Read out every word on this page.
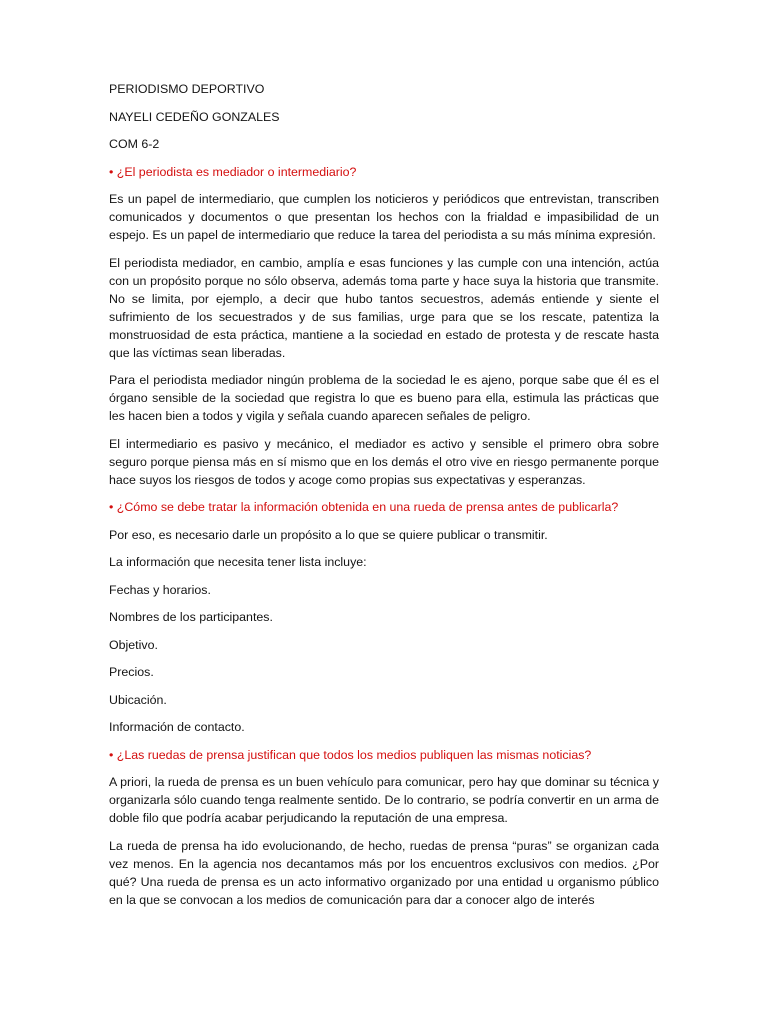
PERIODISMO DEPORTIVO
NAYELI CEDEÑO GONZALES
COM 6-2
• ¿El periodista es mediador o intermediario?

Es un papel de intermediario, que cumplen los noticieros y periódicos que entrevistan, transcriben comunicados y documentos o que presentan los hechos con la frialdad e impasibilidad de un espejo. Es un papel de intermediario que reduce la tarea del periodista a su más mínima expresión.

El periodista mediador, en cambio, amplía e esas funciones y las cumple con una intención, actúa con un propósito porque no sólo observa, además toma parte y hace suya la historia que transmite. No se limita, por ejemplo, a decir que hubo tantos secuestros, además entiende y siente el sufrimiento de los secuestrados y de sus familias, urge para que se los rescate, patentiza la monstruosidad de esta práctica, mantiene a la sociedad en estado de protesta y de rescate hasta que las víctimas sean liberadas.

Para el periodista mediador ningún problema de la sociedad le es ajeno, porque sabe que él es el órgano sensible de la sociedad que registra lo que es bueno para ella, estimula las prácticas que les hacen bien a todos y vigila y señala cuando aparecen señales de peligro.

El intermediario es pasivo y mecánico, el mediador es activo y sensible el primero obra sobre seguro porque piensa más en sí mismo que en los demás el otro vive en riesgo permanente porque hace suyos los riesgos de todos y acoge como propias sus expectativas y esperanzas.

• ¿Cómo se debe tratar la información obtenida en una rueda de prensa antes de publicarla?

Por eso, es necesario darle un propósito a lo que se quiere publicar o transmitir.

La información que necesita tener lista incluye:

Fechas y horarios.
Nombres de los participantes.
Objetivo.
Precios.
Ubicación.
Información de contacto.
• ¿Las ruedas de prensa justifican que todos los medios publiquen las mismas noticias?

A priori, la rueda de prensa es un buen vehículo para comunicar, pero hay que dominar su técnica y organizarla sólo cuando tenga realmente sentido. De lo contrario, se podría convertir en un arma de doble filo que podría acabar perjudicando la reputación de una empresa.

La rueda de prensa ha ido evolucionando, de hecho, ruedas de prensa “puras” se organizan cada vez menos. En la agencia nos decantamos más por los encuentros exclusivos con medios. ¿Por qué? Una rueda de prensa es un acto informativo organizado por una entidad u organismo público en la que se convocan a los medios de comunicación para dar a conocer algo de interés
